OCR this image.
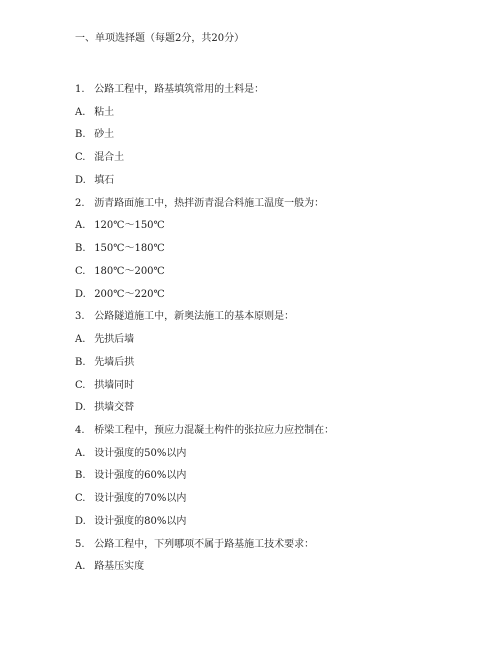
一、单项选择题（每题2分，共20分）
1. 公路工程中，路基填筑常用的土料是：
A. 粘土
B. 砂土
C. 混合土
D. 填石
2. 沥青路面施工中，热拌沥青混合料施工温度一般为：
A. 120℃～150℃
B. 150℃～180℃
C. 180℃～200℃
D. 200℃～220℃
3. 公路隧道施工中，新奥法施工的基本原则是：
A. 先拱后墙
B. 先墙后拱
C. 拱墙同时
D. 拱墙交替
4. 桥梁工程中，预应力混凝土构件的张拉应力应控制在：
A. 设计强度的50%以内
B. 设计强度的60%以内
C. 设计强度的70%以内
D. 设计强度的80%以内
5. 公路工程中，下列哪项不属于路基施工技术要求：
A. 路基压实度
